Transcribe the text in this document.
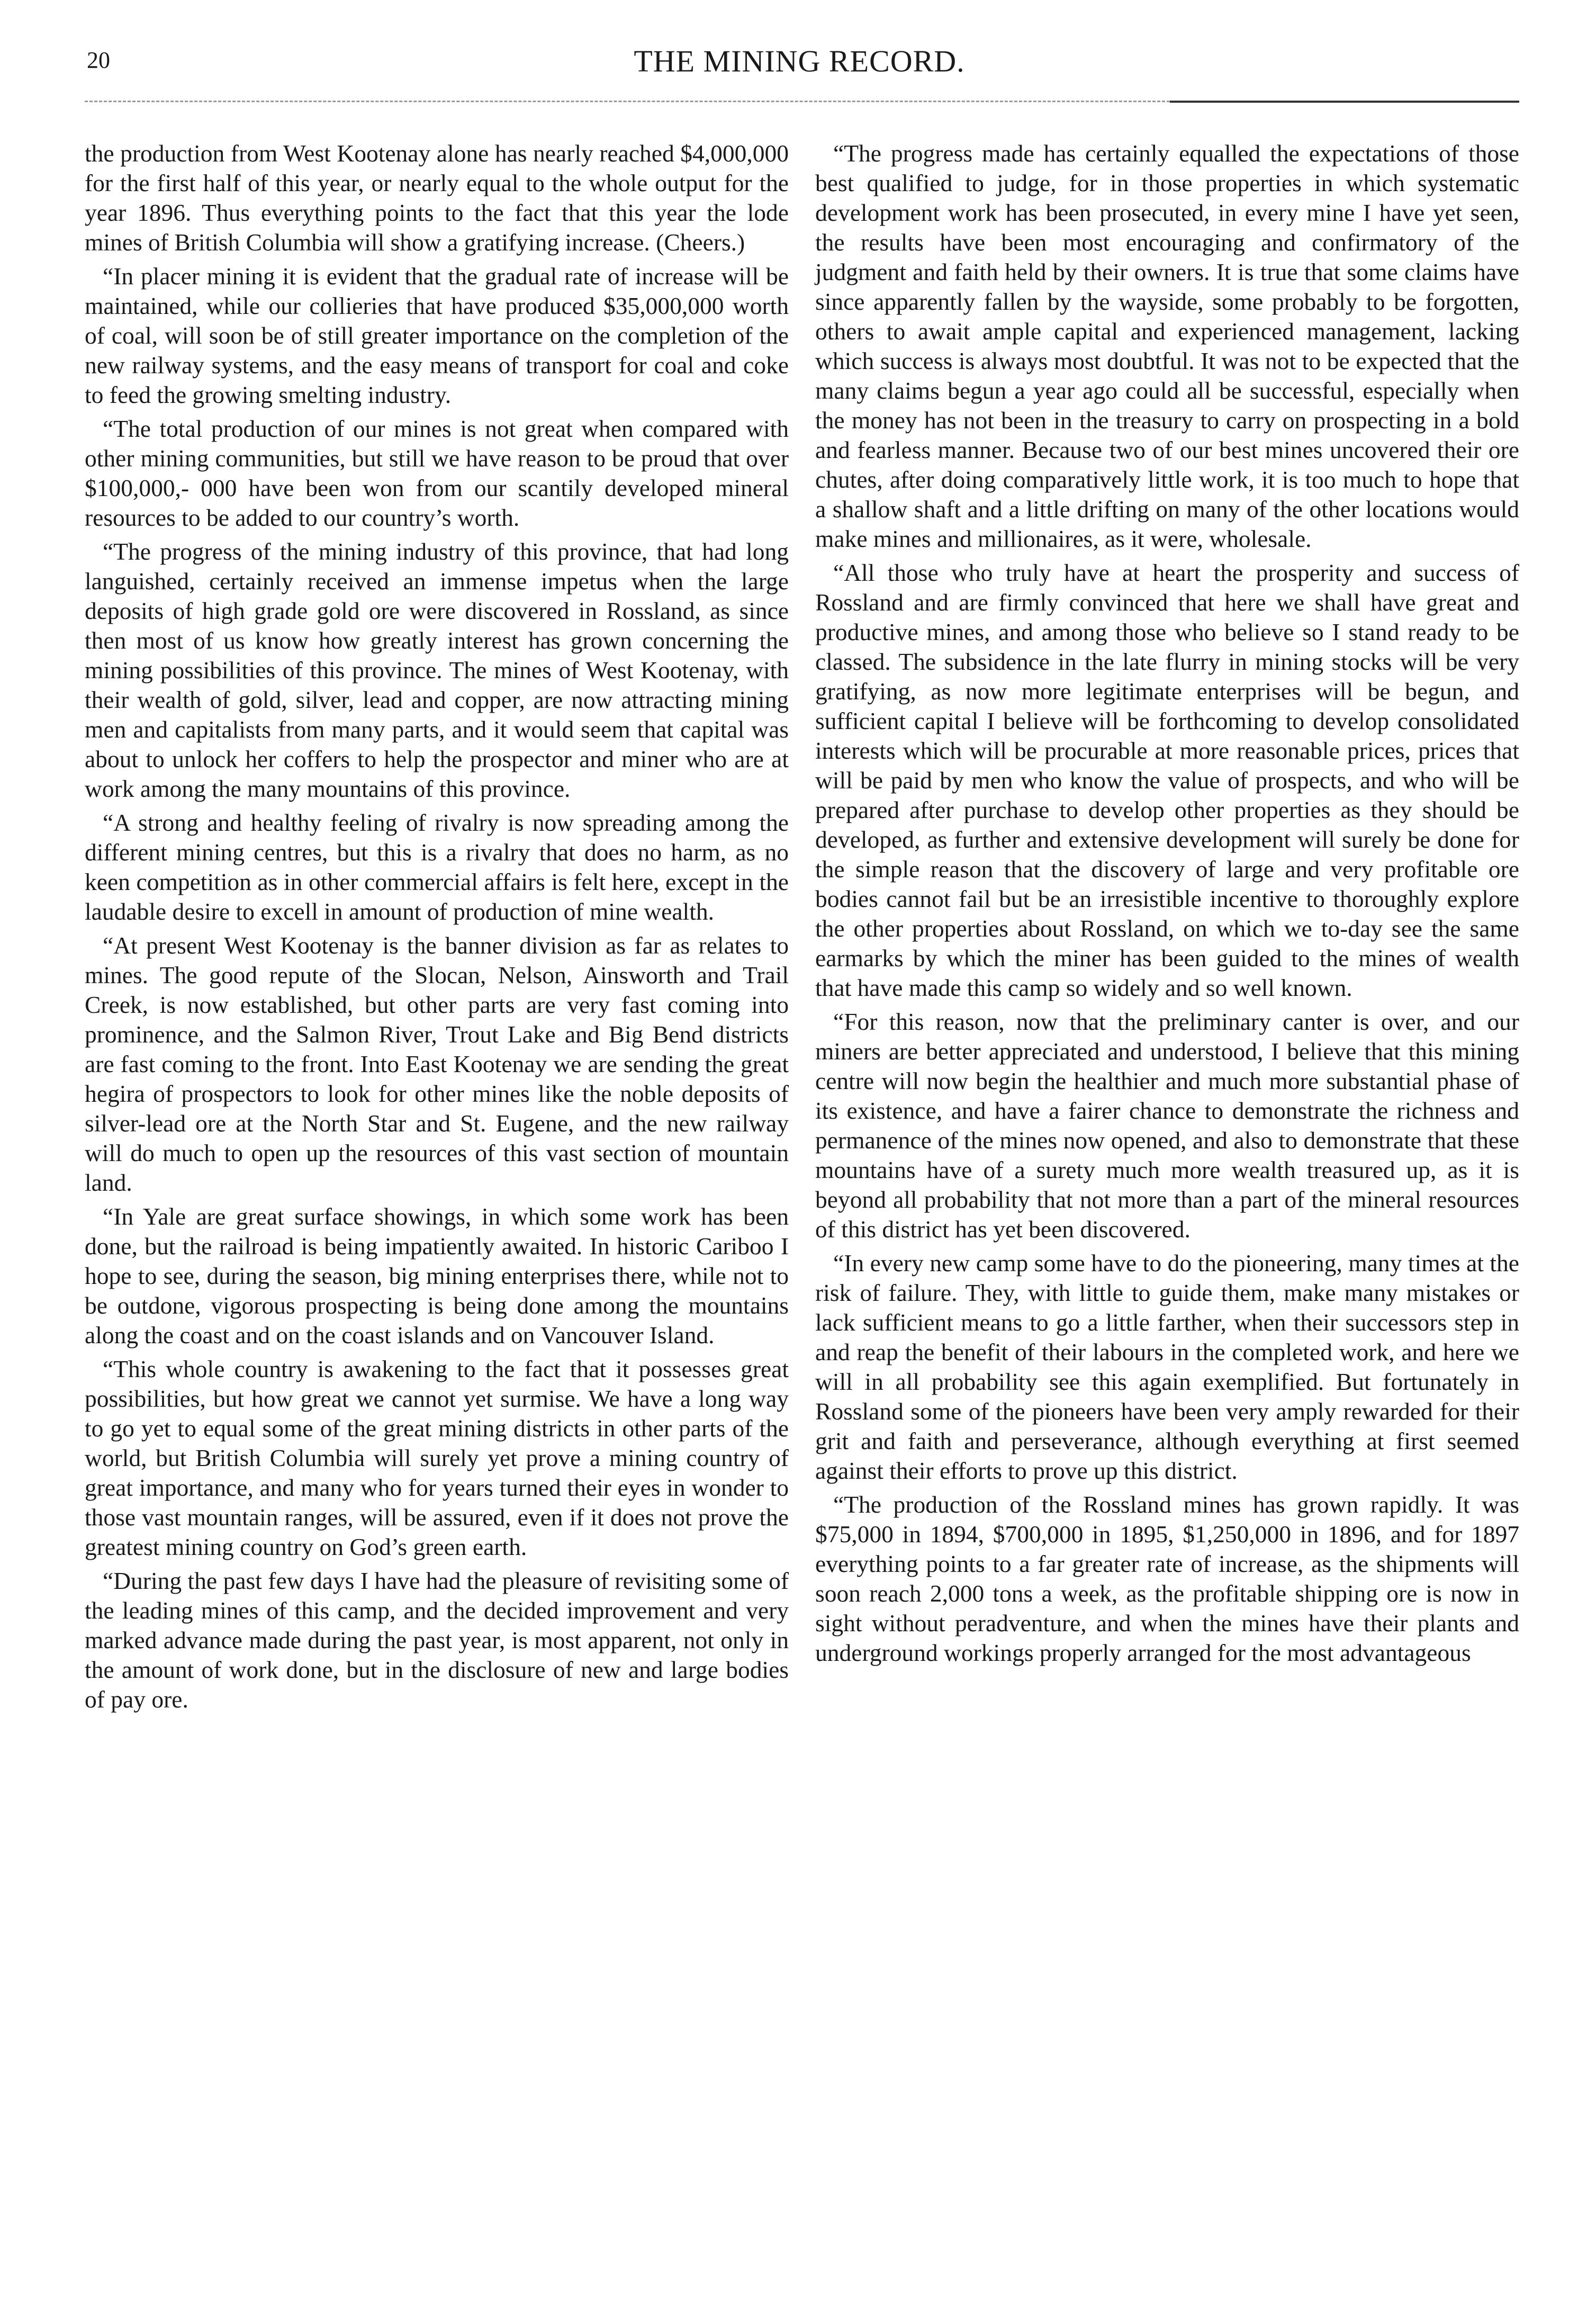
20	THE MINING RECORD.

the production from West Kootenay alone has nearly reached $4,000,000 for the first half of this year, or nearly equal to the whole output for the year 1896. Thus everything points to the fact that this year the lode mines of British Columbia will show a gratifying increase. (Cheers.)

“In placer mining it is evident that the gradual rate of increase will be maintained, while our collieries that have produced $35,000,000 worth of coal, will soon be of still greater importance on the completion of the new railway systems, and the easy means of transport for coal and coke to feed the growing smelting industry.

“The total production of our mines is not great when compared with other mining communities, but still we have reason to be proud that over $100,000,- 000 have been won from our scantily developed mineral resources to be added to our country’s worth.

“The progress of the mining industry of this province, that had long languished, certainly received an immense impetus when the large deposits of high grade gold ore were discovered in Rossland, as since then most of us know how greatly interest has grown concerning the mining possibilities of this province. The mines of West Kootenay, with their wealth of gold, silver, lead and copper, are now attracting mining men and capitalists from many parts, and it would seem that capital was about to unlock her coffers to help the prospector and miner who are at work among the many mountains of this province.

“A strong and healthy feeling of rivalry is now spreading among the different mining centres, but this is a rivalry that does no harm, as no keen competition as in other commercial affairs is felt here, except in the laudable desire to excell in amount of production of mine wealth.

“At present West Kootenay is the banner division as far as relates to mines. The good repute of the Slocan, Nelson, Ainsworth and Trail Creek, is now established, but other parts are very fast coming into prominence, and the Salmon River, Trout Lake and Big Bend districts are fast coming to the front. Into East Kootenay we are sending the great hegira of prospectors to look for other mines like the noble deposits of silver-lead ore at the North Star and St. Eugene, and the new railway will do much to open up the resources of this vast section of mountain land.

“In Yale are great surface showings, in which some work has been done, but the railroad is being impatiently awaited. In historic Cariboo I hope to see, during the season, big mining enterprises there, while not to be outdone, vigorous prospecting is being done among the mountains along the coast and on the coast islands and on Vancouver Island.

“This whole country is awakening to the fact that it possesses great possibilities, but how great we cannot yet surmise. We have a long way to go yet to equal some of the great mining districts in other parts of the world, but British Columbia will surely yet prove a mining country of great importance, and many who for years turned their eyes in wonder to those vast mountain ranges, will be assured, even if it does not prove the greatest mining country on God’s green earth.

“During the past few days I have had the pleasure of revisiting some of the leading mines of this camp, and the decided improvement and very marked advance made during the past year, is most apparent, not only in the amount of work done, but in the disclosure of new and large bodies of pay ore.

“The progress made has certainly equalled the expectations of those best qualified to judge, for in those properties in which systematic development work has been prosecuted, in every mine I have yet seen, the results have been most encouraging and confirmatory of the judgment and faith held by their owners. It is true that some claims have since apparently fallen by the wayside, some probably to be forgotten, others to await ample capital and experienced management, lacking which success is always most doubtful. It was not to be expected that the many claims begun a year ago could all be successful, especially when the money has not been in the treasury to carry on prospecting in a bold and fearless manner. Because two of our best mines uncovered their ore chutes, after doing comparatively little work, it is too much to hope that a shallow shaft and a little drifting on many of the other locations would make mines and millionaires, as it were, wholesale.

“All those who truly have at heart the prosperity and success of Rossland and are firmly convinced that here we shall have great and productive mines, and among those who believe so I stand ready to be classed. The subsidence in the late flurry in mining stocks will be very gratifying, as now more legitimate enterprises will be begun, and sufficient capital I believe will be forthcoming to develop consolidated interests which will be procurable at more reasonable prices, prices that will be paid by men who know the value of prospects, and who will be prepared after purchase to develop other properties as they should be developed, as further and extensive development will surely be done for the simple reason that the discovery of large and very profitable ore bodies cannot fail but be an irresistible incentive to thoroughly explore the other properties about Rossland, on which we to-day see the same earmarks by which the miner has been guided to the mines of wealth that have made this camp so widely and so well known.

“For this reason, now that the preliminary canter is over, and our miners are better appreciated and understood, I believe that this mining centre will now begin the healthier and much more substantial phase of its existence, and have a fairer chance to demonstrate the richness and permanence of the mines now opened, and also to demonstrate that these mountains have of a surety much more wealth treasured up, as it is beyond all probability that not more than a part of the mineral resources of this district has yet been discovered.

“In every new camp some have to do the pioneering, many times at the risk of failure. They, with little to guide them, make many mistakes or lack sufficient means to go a little farther, when their successors step in and reap the benefit of their labours in the completed work, and here we will in all probability see this again exemplified. But fortunately in Rossland some of the pioneers have been very amply rewarded for their grit and faith and perseverance, although everything at first seemed against their efforts to prove up this district.

“The production of the Rossland mines has grown rapidly. It was $75,000 in 1894, $700,000 in 1895, $1,250,000 in 1896, and for 1897 everything points to a far greater rate of increase, as the shipments will soon reach 2,000 tons a week, as the profitable shipping ore is now in sight without peradventure, and when the mines have their plants and underground workings properly arranged for the most advantageous
